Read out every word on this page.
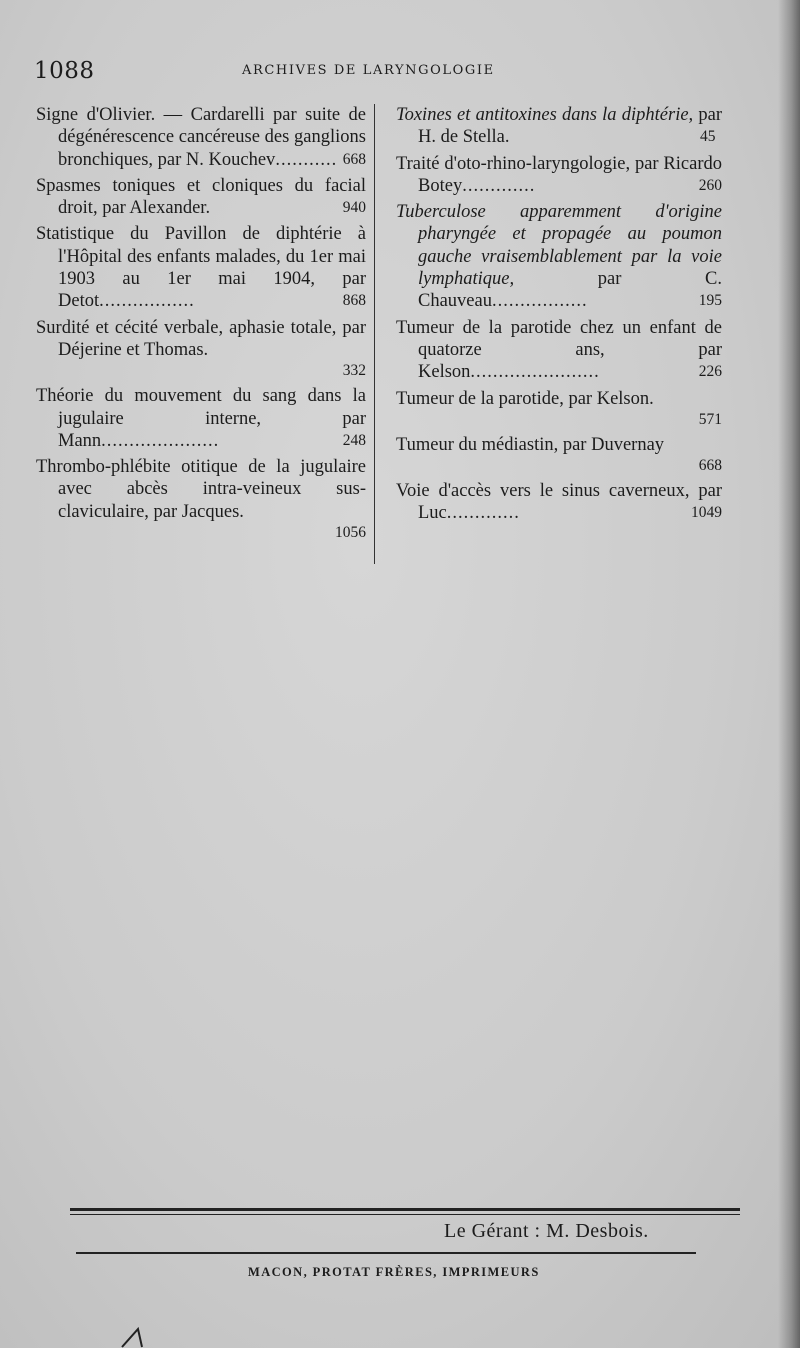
1088	ARCHIVES DE LARYNGOLOGIE
Signe d'Olivier. — Cardarelli par suite de dégénérescence cancéreuse des ganglions bronchiques, par N. Kouchev........... 668
Spasmes toniques et cloniques du facial droit, par Alexander.	940
Statistique du Pavillon de diphtérie à l'Hôpital des enfants malades, du 1er mai 1903 au 1er mai 1904, par Detot.................	868
Surdité et cécité verbale, aphasie totale, par Déjerine et Thomas.
332
Théorie du mouvement du sang dans la jugulaire interne, par Mann.....................	248
Thrombo-phlébite otitique de la jugulaire avec abcès intra-veineux sus-claviculaire, par Jacques.
1056
Toxines et antitoxines dans la diphtérie, par H. de Stella.	45
Traité d'oto-rhino-laryngologie, par Ricardo Botey.............	260
Tuberculose apparemment d'origine pharyngée et propagée au poumon gauche vraisemblablement par la voie lymphatique,	par C. Chauveau.................	195
Tumeur de la parotide chez un enfant de quatorze ans, par Kelson.......................	226
Tumeur de la parotide, par Kelson.
571
Tumeur du médiastin, par Duvernay
668
Voie d'accès vers le sinus caverneux, par Luc.............	1049
Le Gérant : M. Desbois.
MACON, PROTAT FRÈRES, IMPRIMEURS
